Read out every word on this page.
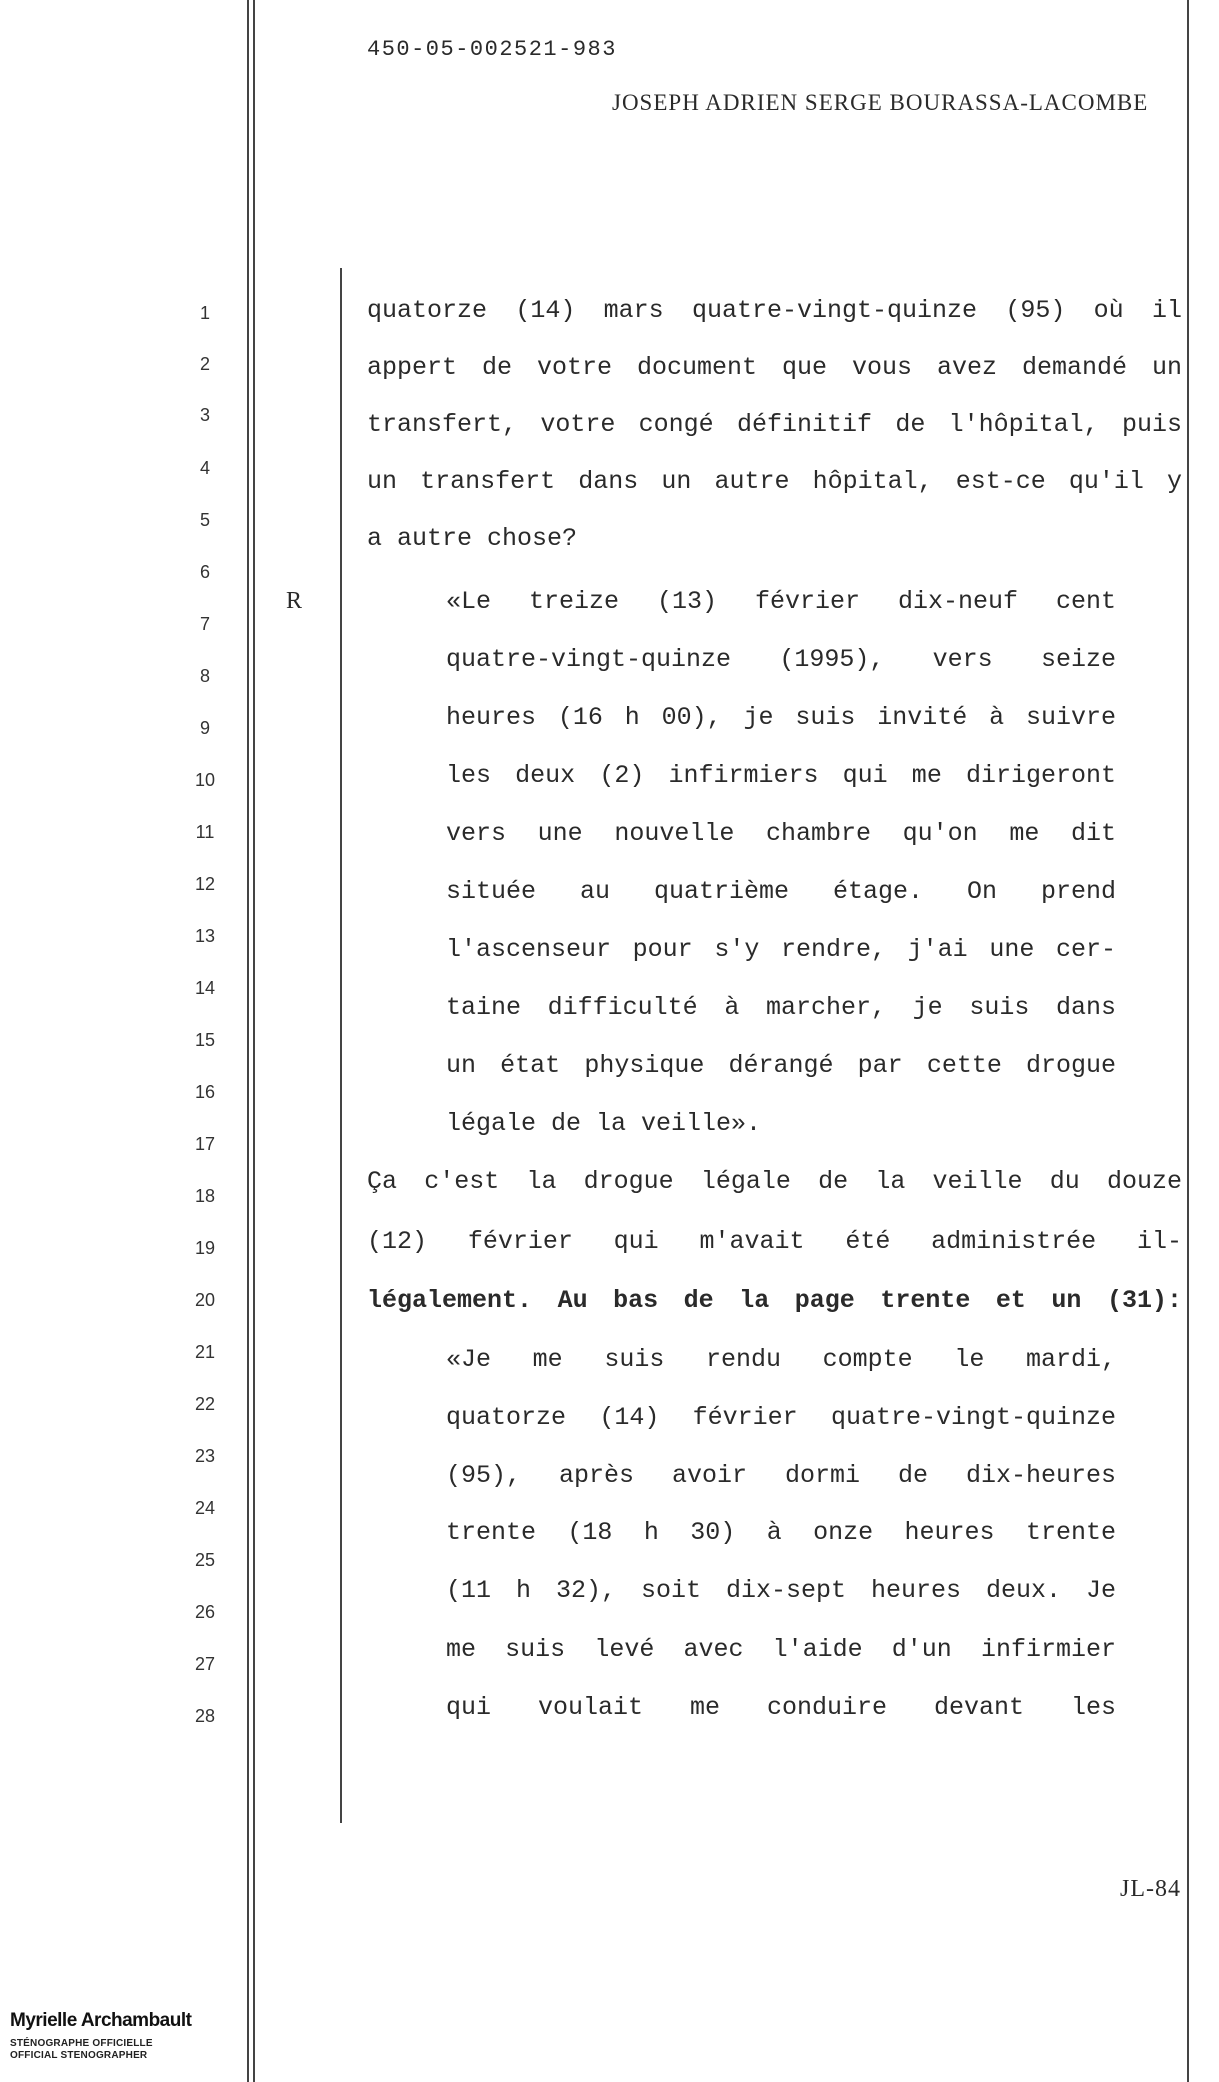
450-05-002521-983
JOSEPH ADRIEN SERGE BOURASSA-LACOMBE
1
2
3
4
5
6
7
8
9
10
11
12
13
14
15
16
17
18
19
20
21
22
23
24
25
26
27
28
R
quatorze (14) mars quatre-vingt-quinze (95) où il
appert de votre document que vous avez demandé un
transfert, votre congé définitif de l'hôpital, puis
un transfert dans un autre hôpital, est-ce qu'il y
a autre chose?
«Le treize (13) février dix-neuf cent
quatre-vingt-quinze (1995), vers seize
heures (16 h 00), je suis invité à suivre
les deux (2) infirmiers qui me dirigeront
vers une nouvelle chambre qu'on me dit
située au quatrième étage. On prend
l'ascenseur pour s'y rendre, j'ai une cer-
taine difficulté à marcher, je suis dans
un état physique dérangé par cette drogue
légale de la veille».
Ça c'est la drogue légale de la veille du douze
(12) février qui m'avait été administrée il-
légalement. Au bas de la page trente et un (31):
«Je me suis rendu compte le mardi,
quatorze (14) février quatre-vingt-quinze
(95), après avoir dormi de dix-heures
trente (18 h 30) à onze heures trente
(11 h 32), soit dix-sept heures deux. Je
me suis levé avec l'aide d'un infirmier
qui voulait me conduire devant les
JL-84
Myrielle Archambault
STÉNOGRAPHE OFFICIELLE
OFFICIAL STENOGRAPHER
